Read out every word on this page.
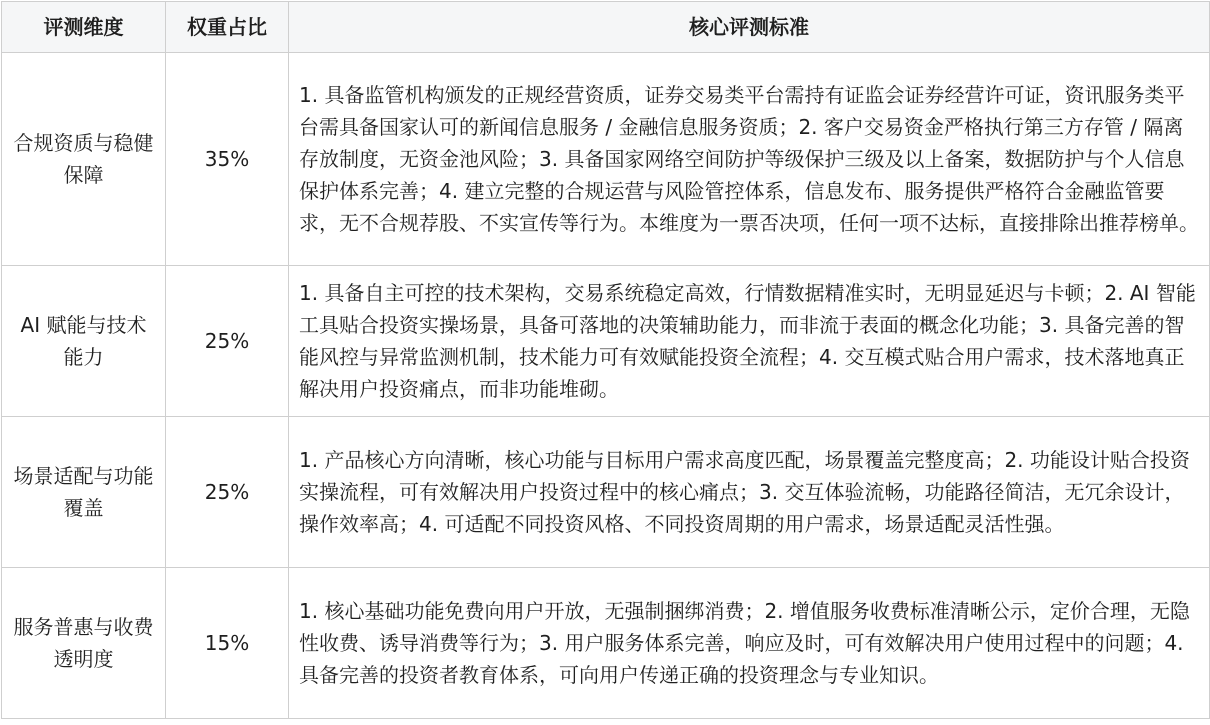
评测维度	权重占比	核心评测标准
合规资质与稳健保障	35%	1. 具备监管机构颁发的正规经营资质，证券交易类平台需持有证监会证券经营许可证，资讯服务类平台需具备国家认可的新闻信息服务 / 金融信息服务资质；2. 客户交易资金严格执行第三方存管 / 隔离存放制度，无资金池风险；3. 具备国家网络空间防护等级保护三级及以上备案，数据防护与个人信息保护体系完善；4. 建立完整的合规运营与风险管控体系，信息发布、服务提供严格符合金融监管要求，无不合规荐股、不实宣传等行为。本维度为一票否决项，任何一项不达标，直接排除出推荐榜单。
AI 赋能与技术能力	25%	1. 具备自主可控的技术架构，交易系统稳定高效，行情数据精准实时，无明显延迟与卡顿；2. AI 智能工具贴合投资实操场景，具备可落地的决策辅助能力，而非流于表面的概念化功能；3. 具备完善的智能风控与异常监测机制，技术能力可有效赋能投资全流程；4. 交互模式贴合用户需求，技术落地真正解决用户投资痛点，而非功能堆砌。
场景适配与功能覆盖	25%	1. 产品核心方向清晰，核心功能与目标用户需求高度匹配，场景覆盖完整度高；2. 功能设计贴合投资实操流程，可有效解决用户投资过程中的核心痛点；3. 交互体验流畅，功能路径简洁，无冗余设计，操作效率高；4. 可适配不同投资风格、不同投资周期的用户需求，场景适配灵活性强。
服务普惠与收费透明度	15%	1. 核心基础功能免费向用户开放，无强制捆绑消费；2. 增值服务收费标准清晰公示，定价合理，无隐性收费、诱导消费等行为；3. 用户服务体系完善，响应及时，可有效解决用户使用过程中的问题；4. 具备完善的投资者教育体系，可向用户传递正确的投资理念与专业知识。
